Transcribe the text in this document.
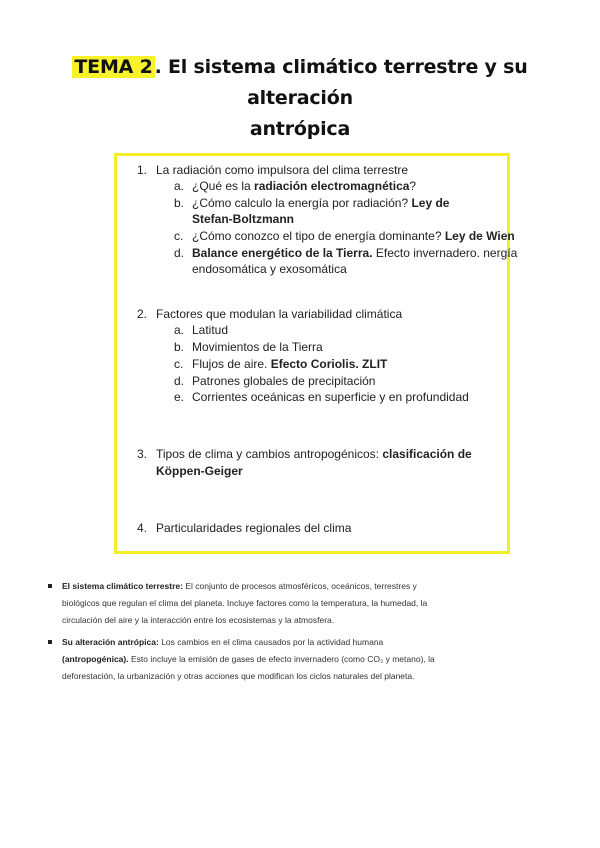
TEMA 2 . El sistema climático terrestre y su alteración
antrópica
1. La radiación como impulsora del clima terrestre
a. ¿Qué es la radiación electromagnética?
b. ¿Cómo calculo la energía por radiación? Ley de
Stefan-Boltzmann
c. ¿Cómo conozco el tipo de energía dominante? Ley de Wien
d. Balance energético de la Tierra. Efecto invernadero. nergía
endosomática y exosomática
2. Factores que modulan la variabilidad climática
a. Latitud
b. Movimientos de la Tierra
c. Flujos de aire. Efecto Coriolis. ZLIT
d. Patrones globales de precipitación
e. Corrientes oceánicas en superficie y en profundidad
3. Tipos de clima y cambios antropogénicos: clasificación de
Köppen-Geiger
4. Particularidades regionales del clima
El sistema climático terrestre: El conjunto de procesos atmosféricos, oceánicos, terrestres y
biológicos que regulan el clima del planeta. Incluye factores como la temperatura, la humedad, la
circulación del aire y la interacción entre los ecosistemas y la atmosfera.
Su alteración antrópica: Los cambios en el clima causados por la actividad humana
(antropogénica). Esto incluye la emisión de gases de efecto invernadero (como CO₂ y metano), la
deforestación, la urbanización y otras acciones que modifican los ciclos naturales del planeta.
